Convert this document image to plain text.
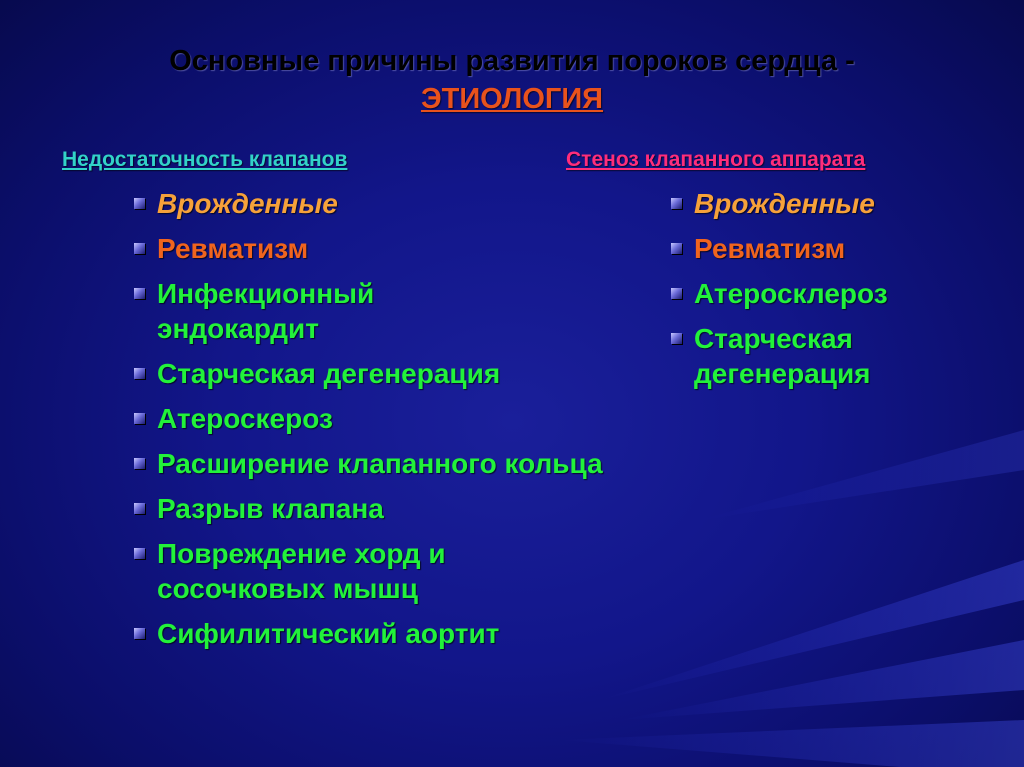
Основные причины развития пороков сердца -
ЭТИОЛОГИЯ
Недостаточность клапанов	Стеноз клапанного аппарата
Врожденные
Ревматизм
Инфекционный эндокардит
Старческая дегенерация
Атероскероз
Расширение клапанного кольца
Разрыв клапана
Повреждение хорд и сосочковых мышц
Сифилитический аортит
Врожденные
Ревматизм
Атеросклероз
Старческая дегенерация
